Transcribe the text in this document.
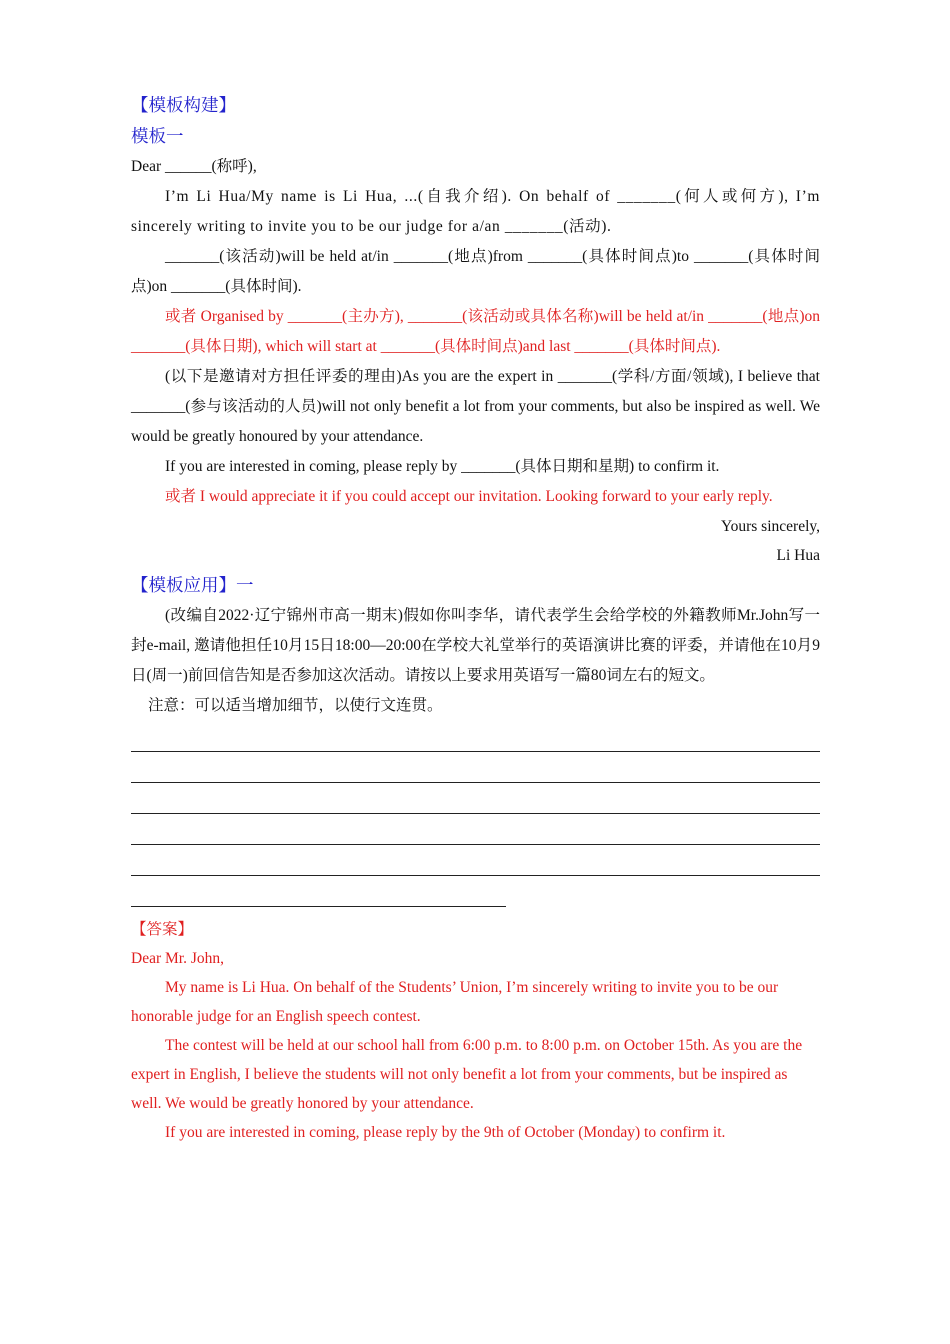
【模板构建】
模板一
Dear ______(称呼),
I’m Li Hua/My name is Li Hua, ...(自我介绍). On behalf of _______(何人或何方), I’m sincerely writing to invite you to be our judge for a/an _______(活动).
_______(该活动)will be held at/in _______(地点)from _______(具体时间点)to _______(具体时间点)on _______(具体时间).
或者 Organised by _______(主办方), _______(该活动或具体名称)will be held at/in _______(地点)on _______(具体日期), which will start at _______(具体时间点)and last _______(具体时间点).
(以下是邀请对方担任评委的理由)As you are the expert in _______(学科/方面/领域), I believe that _______(参与该活动的人员)will not only benefit a lot from your comments, but also be inspired as well. We would be greatly honoured by your attendance.
If you are interested in coming, please reply by _______(具体日期和星期) to confirm it.
或者 I would appreciate it if you could accept our invitation. Looking forward to your early reply.
Yours sincerely,
Li Hua
【模板应用】一
(改编自2022·辽宁锦州市高一期末)假如你叫李华，请代表学生会给学校的外籍教师Mr.John写一封e-mail, 邀请他担任10月15日18:00—20:00在学校大礼堂举行的英语演讲比赛的评委，并请他在10月9日(周一)前回信告知是否参加这次活动。请按以上要求用英语写一篇80词左右的短文。
注意：可以适当增加细节，以使行文连贯。
【答案】
Dear Mr. John,
My name is Li Hua. On behalf of the Students’ Union, I’m sincerely writing to invite you to be our honorable judge for an English speech contest.
The contest will be held at our school hall from 6:00 p.m. to 8:00 p.m. on October 15th. As you are the expert in English, I believe the students will not only benefit a lot from your comments, but be inspired as well. We would be greatly honored by your attendance.
If you are interested in coming, please reply by the 9th of October (Monday) to confirm it.
